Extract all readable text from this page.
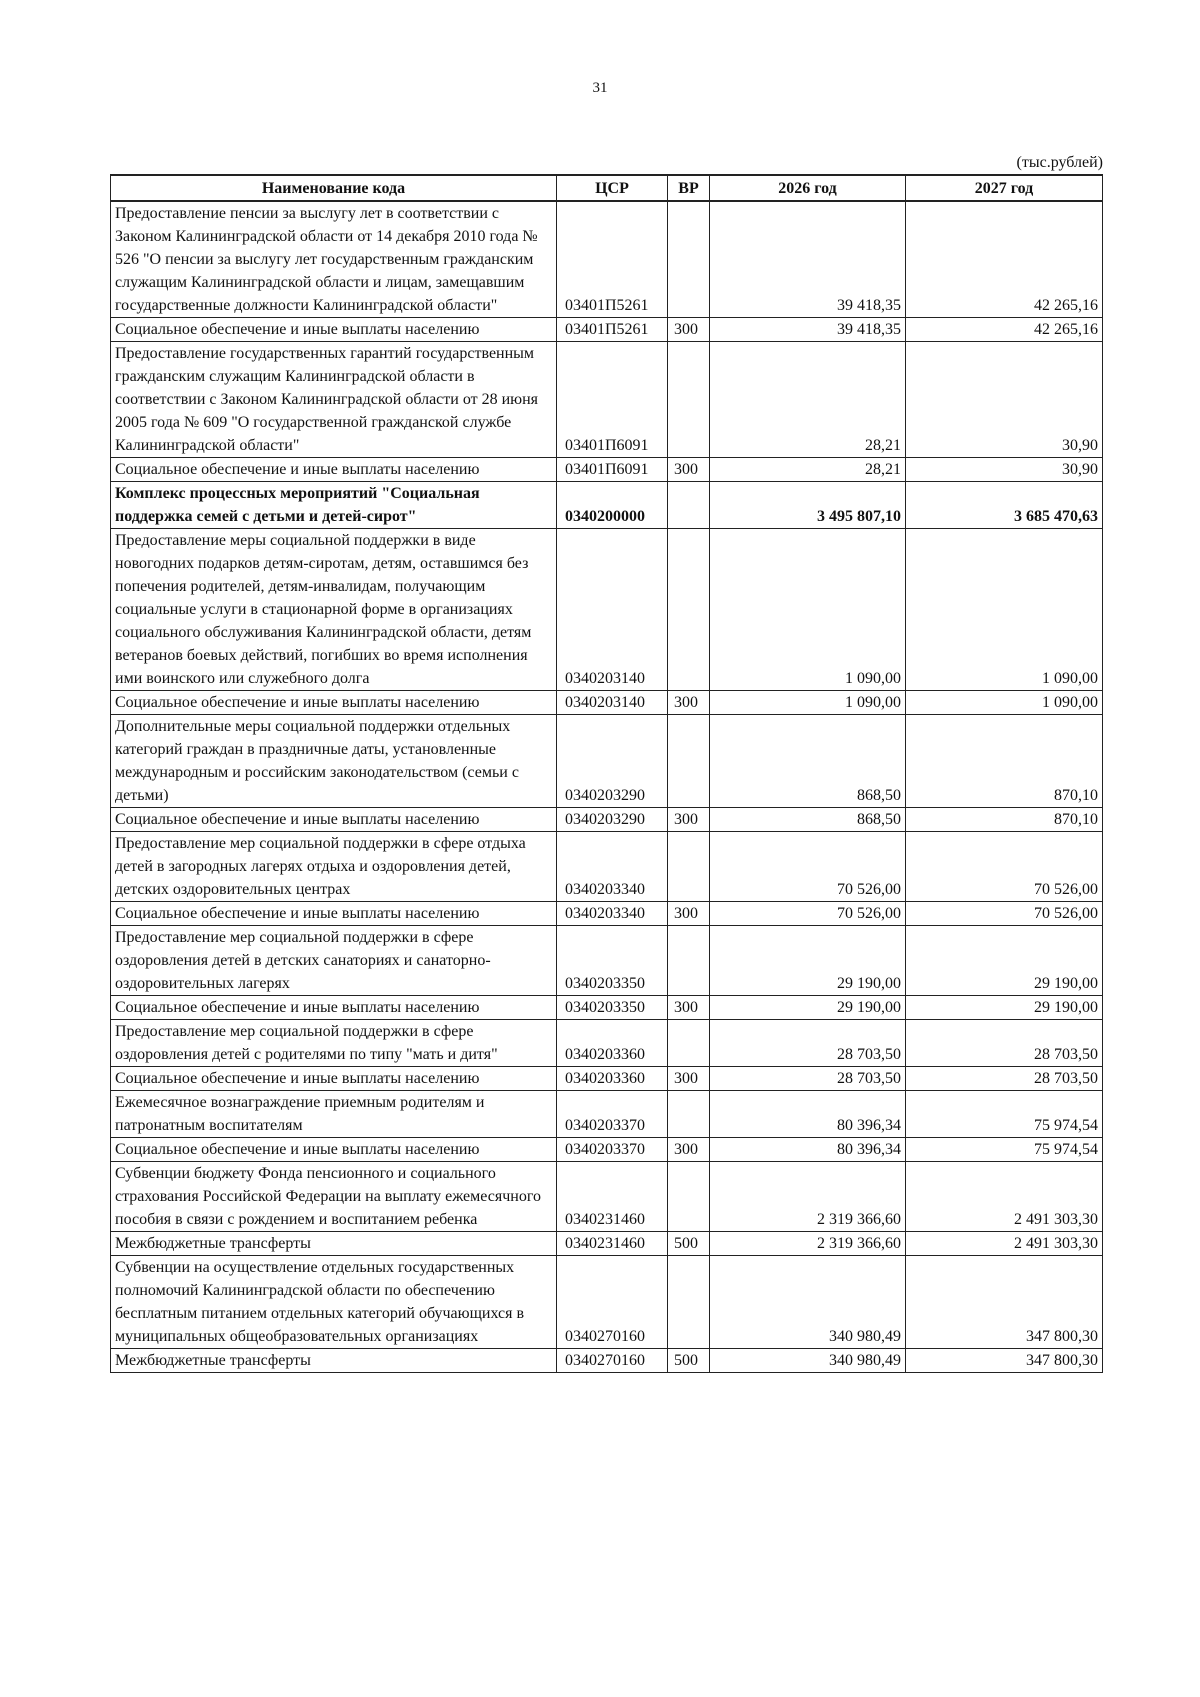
31
(тыс.рублей)
Наименование кода	ЦСР	ВР	2026 год	2027 год
Предоставление пенсии за выслугу лет в соответствии с Законом Калининградской области от 14 декабря 2010 года № 526 "О пенсии за выслугу лет государственным гражданским служащим Калининградской области и лицам, замещавшим государственные должности Калининградской области"	03401П5261		39 418,35	42 265,16
Социальное обеспечение и иные выплаты населению	03401П5261	300	39 418,35	42 265,16
Предоставление государственных гарантий государственным гражданским служащим Калининградской области в соответствии с Законом Калининградской области от 28 июня 2005 года № 609 "О государственной гражданской службе Калининградской области"	03401П6091		28,21	30,90
Социальное обеспечение и иные выплаты населению	03401П6091	300	28,21	30,90
Комплекс процессных мероприятий "Социальная поддержка семей с детьми и детей-сирот"	0340200000		3 495 807,10	3 685 470,63
Предоставление меры социальной поддержки в виде новогодних подарков детям-сиротам, детям, оставшимся без попечения родителей, детям-инвалидам, получающим социальные услуги в стационарной форме в организациях социального обслуживания Калининградской области, детям ветеранов боевых действий, погибших во время исполнения ими воинского или служебного долга	0340203140		1 090,00	1 090,00
Социальное обеспечение и иные выплаты населению	0340203140	300	1 090,00	1 090,00
Дополнительные меры социальной поддержки отдельных категорий граждан в праздничные даты, установленные международным и российским законодательством (семьи с детьми)	0340203290		868,50	870,10
Социальное обеспечение и иные выплаты населению	0340203290	300	868,50	870,10
Предоставление мер социальной поддержки в сфере отдыха детей в загородных лагерях отдыха и оздоровления детей, детских оздоровительных центрах	0340203340		70 526,00	70 526,00
Социальное обеспечение и иные выплаты населению	0340203340	300	70 526,00	70 526,00
Предоставление мер социальной поддержки в сфере оздоровления детей в детских санаториях и санаторно-оздоровительных лагерях	0340203350		29 190,00	29 190,00
Социальное обеспечение и иные выплаты населению	0340203350	300	29 190,00	29 190,00
Предоставление мер социальной поддержки в сфере оздоровления детей с родителями по типу "мать и дитя"	0340203360		28 703,50	28 703,50
Социальное обеспечение и иные выплаты населению	0340203360	300	28 703,50	28 703,50
Ежемесячное вознаграждение приемным родителям и патронатным воспитателям	0340203370		80 396,34	75 974,54
Социальное обеспечение и иные выплаты населению	0340203370	300	80 396,34	75 974,54
Субвенции бюджету Фонда пенсионного и социального страхования Российской Федерации на выплату ежемесячного пособия в связи с рождением и воспитанием ребенка	0340231460		2 319 366,60	2 491 303,30
Межбюджетные трансферты	0340231460	500	2 319 366,60	2 491 303,30
Субвенции на осуществление отдельных государственных полномочий Калининградской области по обеспечению бесплатным питанием отдельных категорий обучающихся в муниципальных общеобразовательных организациях	0340270160		340 980,49	347 800,30
Межбюджетные трансферты	0340270160	500	340 980,49	347 800,30
